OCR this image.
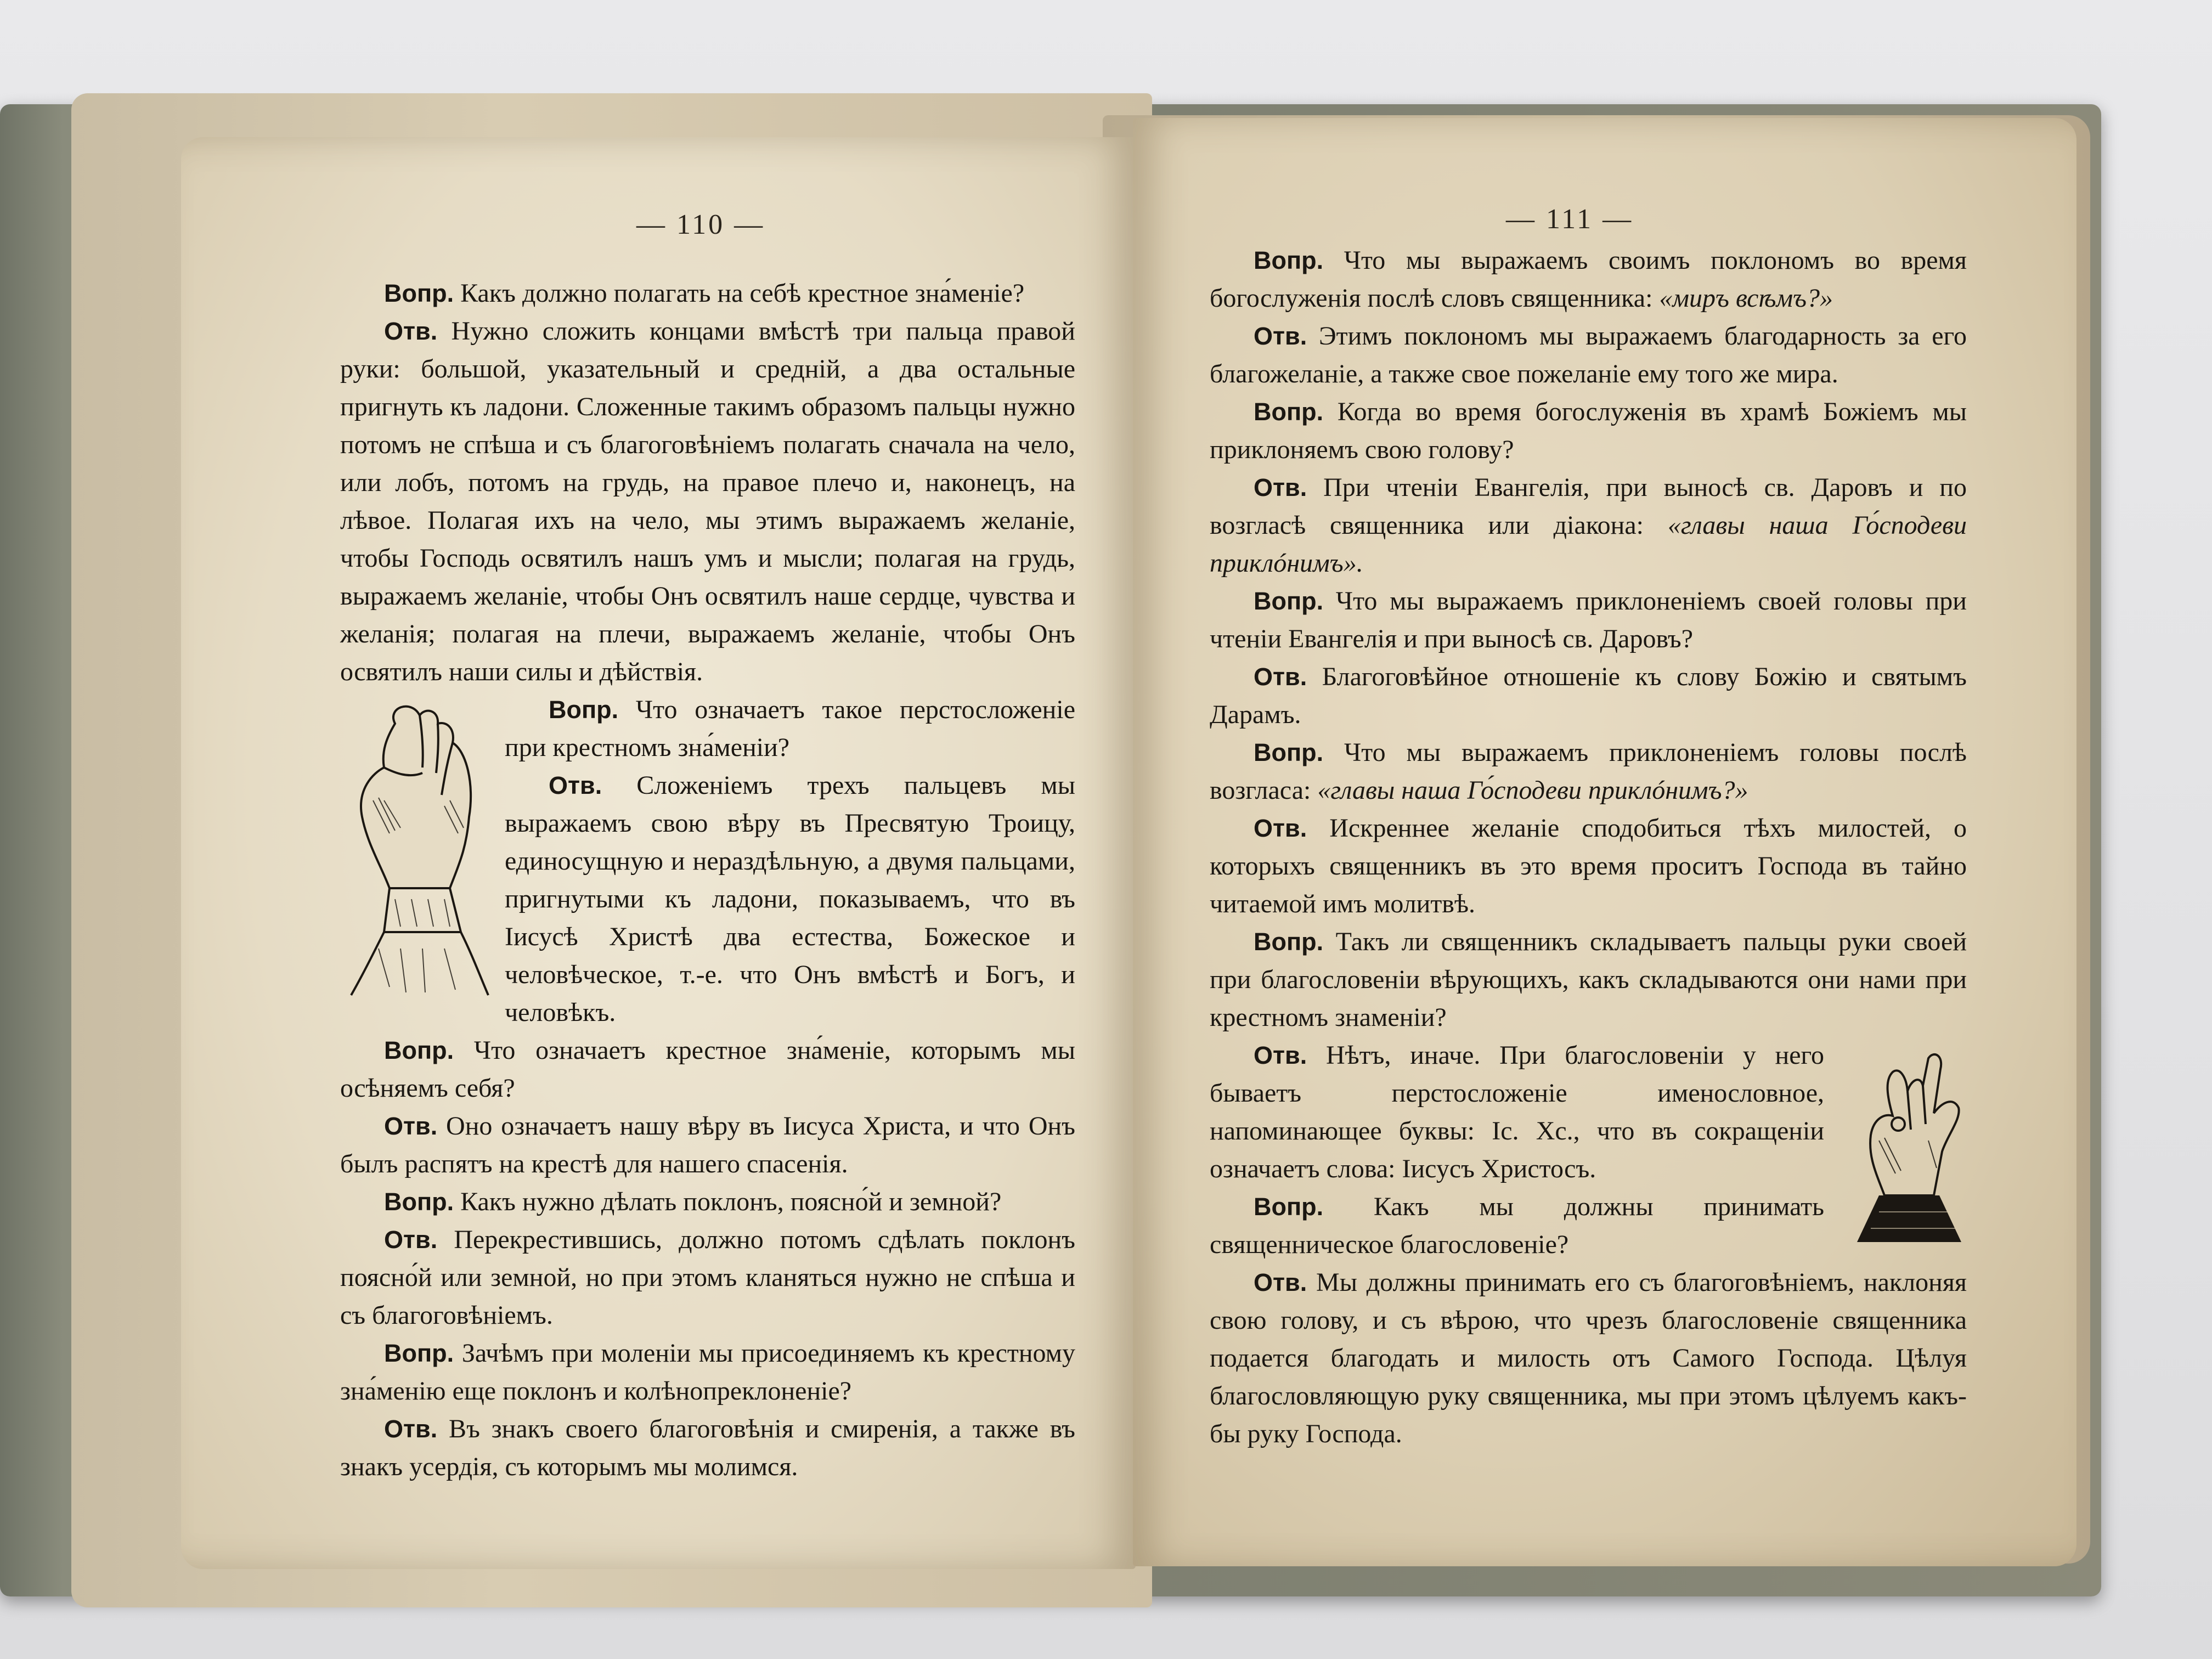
— 110 —

Вопр. Какъ должно полагать на себѣ крестное зна́меніе?

Отв. Нужно сложить концами вмѣстѣ три пальца правой руки: большой, указательный и средній, а два остальные пригнуть къ ладони. Сложенные такимъ образомъ пальцы нужно потомъ не спѣша и съ благоговѣніемъ полагать сначала на чело, или лобъ, потомъ на грудь, на правое плечо и, наконецъ, на лѣвое. Полагая ихъ на чело, мы этимъ выражаемъ желаніе, чтобы Господь освятилъ нашъ умъ и мысли; полагая на грудь, выражаемъ желаніе, чтобы Онъ освятилъ наше сердце, чувства и желанія; полагая на плечи, выражаемъ желаніе, чтобы Онъ освятилъ наши силы и дѣйствія.

Вопр. Что означаетъ такое перстосложеніе при крестномъ зна́меніи?

Отв. Сложеніемъ трехъ пальцевъ мы выражаемъ свою вѣру въ Пресвятую Троицу, единосущную и нераздѣльную, а двумя пальцами, пригнутыми къ ладони, показываемъ, что въ Іисусѣ Христѣ два естества, Божеское и человѣческое, т.-е. что Онъ вмѣстѣ и Богъ, и человѣкъ.

Вопр. Что означаетъ крестное зна́меніе, которымъ мы осѣняемъ себя?

Отв. Оно означаетъ нашу вѣру въ Іисуса Христа, и что Онъ былъ распятъ на крестѣ для нашего спасенія.

Вопр. Какъ нужно дѣлать поклонъ, поясно́й и земной?

Отв. Перекрестившись, должно потомъ сдѣлать поклонъ поясно́й или земной, но при этомъ кланяться нужно не спѣша и съ благоговѣніемъ.

Вопр. Зачѣмъ при моленіи мы присоединяемъ къ крестному зна́менію еще поклонъ и колѣнопреклоненіе?

Отв. Въ знакъ своего благоговѣнія и смиренія, а также въ знакъ усердія, съ которымъ мы молимся.

— 111 —

Вопр. Что мы выражаемъ своимъ поклономъ во время богослуженія послѣ словъ священника: «миръ всѣмъ?»

Отв. Этимъ поклономъ мы выражаемъ благодарность за его благожеланіе, а также свое пожеланіе ему того же мира.

Вопр. Когда во время богослуженія въ храмѣ Божіемъ мы приклоняемъ свою голову?

Отв. При чтеніи Евангелія, при выносѣ св. Даровъ и по возгласѣ священника или діакона: «главы наша Го́сподеви приклóнимъ».

Вопр. Что мы выражаемъ приклоненіемъ своей головы при чтеніи Евангелія и при выносѣ св. Даровъ?

Отв. Благоговѣйное отношеніе къ слову Божію и святымъ Дарамъ.

Вопр. Что мы выражаемъ приклоненіемъ головы послѣ возгласа: «главы наша Го́сподеви приклóнимъ?»

Отв. Искреннее желаніе сподобиться тѣхъ милостей, о которыхъ священникъ въ это время проситъ Господа въ тайно читаемой имъ молитвѣ.

Вопр. Такъ ли священникъ складываетъ пальцы руки своей при благословеніи вѣрующихъ, какъ складываются они нами при крестномъ знаменіи?

Отв. Нѣтъ, иначе. При благословеніи у него бываетъ перстосложеніе именословное, напоминающее буквы: Іс. Хс., что въ сокращеніи означаетъ слова: Іисусъ Христосъ.

Вопр. Какъ мы должны принимать священническое благословеніе?

Отв. Мы должны принимать его съ благоговѣніемъ, наклоняя свою голову, и съ вѣрою, что чрезъ благословеніе священника подается благодать и милость отъ Самого Господа. Цѣлуя благословляющую руку священника, мы при этомъ цѣлуемъ какъ-бы руку Господа.
